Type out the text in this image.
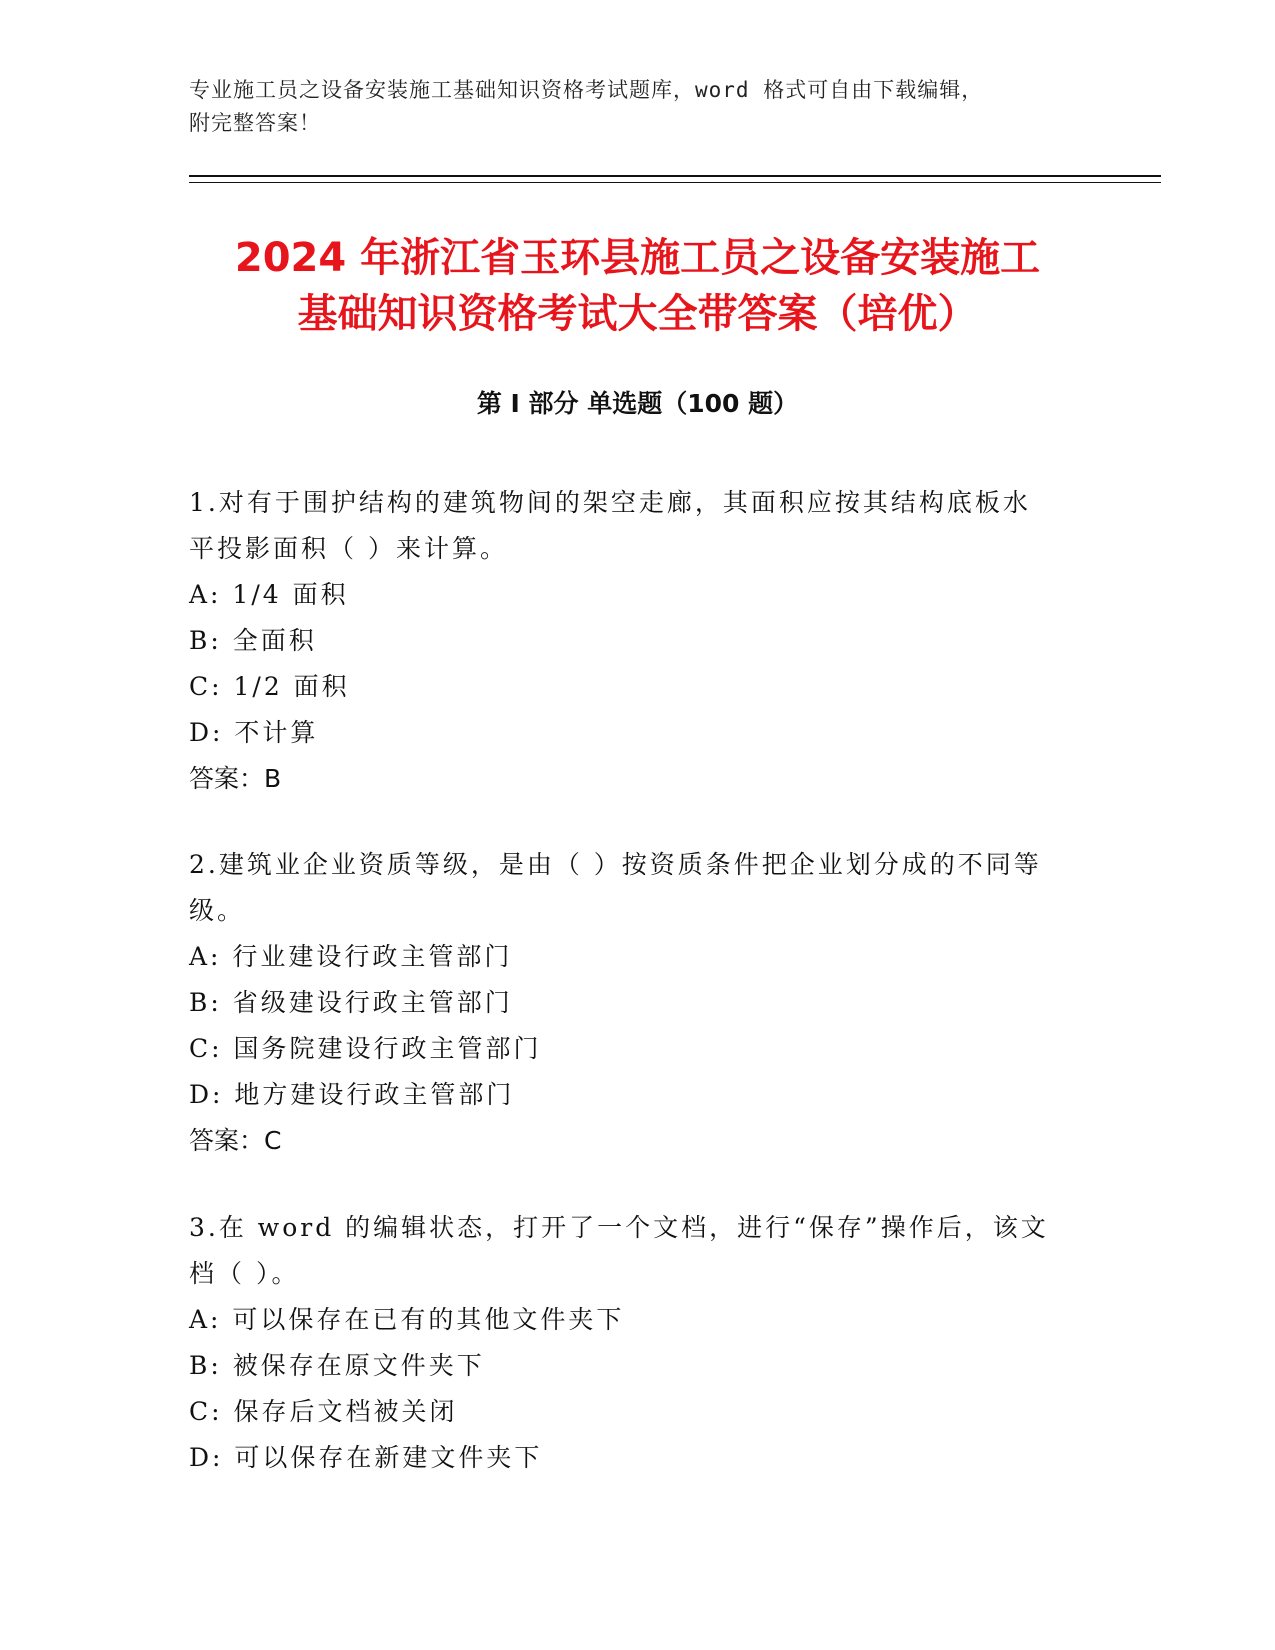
专业施工员之设备安装施工基础知识资格考试题库，word 格式可自由下载编辑，
附完整答案！
2024 年浙江省玉环县施工员之设备安装施工
基础知识资格考试大全带答案（培优）
第 I 部分 单选题（100 题）

1.对有于围护结构的建筑物间的架空走廊，其面积应按其结构底板水
平投影面积（ ）来计算。

A: 1/4 面积

B: 全面积

C: 1/2 面积

D: 不计算

答案：B

2.建筑业企业资质等级，是由（ ）按资质条件把企业划分成的不同等
级。

A: 行业建设行政主管部门

B: 省级建设行政主管部门

C: 国务院建设行政主管部门

D: 地方建设行政主管部门

答案：C

3.在 word 的编辑状态，打开了一个文档，进行“保存”操作后，该文
档（ ）。

A: 可以保存在已有的其他文件夹下

B: 被保存在原文件夹下

C: 保存后文档被关闭

D: 可以保存在新建文件夹下
